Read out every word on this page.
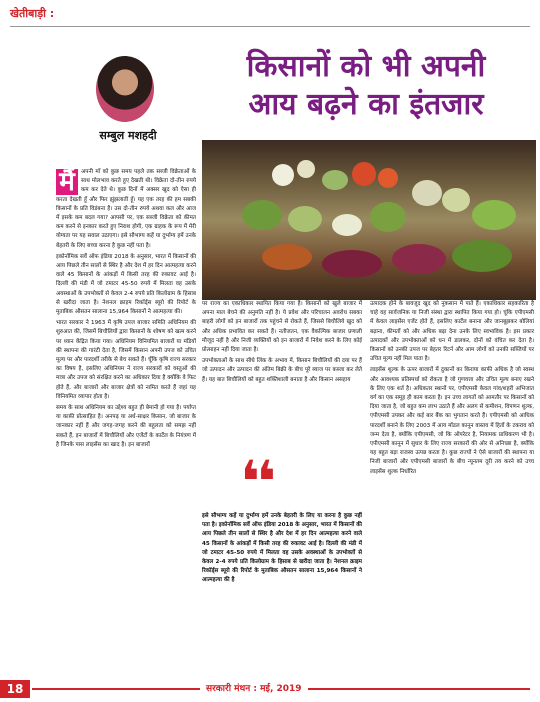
खेतीबाड़ी :
सम्बुल मशहदी
किसानों को भी अपनी
आय बढ़ने का इंतजार
मैं	अपनी माँ को कुछ समय पहले तक सब्जी विक्रेताओं के साथ मोलभाव करते हुए देखती थी। विक्रेता दो-तीन रुपये कम कर देते थे। कुछ दिनों में अक्सर खुद को ऐसा ही करता देखती हूँ और फिर झुंझलाती हूँ। यह एक तरह की हम सबकी किसानों के प्रति विडंबना है। उस दो-तीन रुपये अथवा कल और आज में इसके कम बदल गया? आपसी पर, एक सब्जी विक्रेता को कीमत कम करने से इनकार करते हुए निराश होगी, एक ग्राहक के रूप में मेरी योग्यता पर यह सवाल उठाएगा। इसे सौभाग्य कहें या दुर्भाग्य हमें उनके बेहतरी के लिए बच्चा करना है कुछ नहीं पता है।

इकोनॉमिक सर्वे ऑफ इंडिया 2018 के अनुसार, भारत में किसानों की आय पिछले तीन सालों से स्थिर है और देश में हर दिन आत्महत्या करने वाले 45 किसानों के आंकड़ों में किसी तरह की रुकावट आई है। दिल्ली की मंडी में जो टमाटर 45-50 रुपये में मिलता वह उसके अवस्थाओं के उपभोक्तों से केवल 2-4 रुपये प्रति किलोग्राम के हिसाब से खरीदा जाता है। नेशनल क्राइम रिकॉर्ड्स ब्यूरो की रिपोर्ट के मुताबिक औसतन सालाना 15,964 किसानों ने आत्महत्या की।

भारत सरकार ने 1963 में कृषि उपज बाजार समिति अधिनियम की शुरुआत की, जिसमें बिचौलियों द्वारा किसानों के शोषण को खत्म करने पर ध्यान केंद्रित किया गया। अधिनियम विनियमित बाजारों या मंडियों की स्थापना की गारंटी देता है, जिसमें किसान अपनी उपज को उचित मूल्य पर और पारदर्शी तरीके से बेच सकते हैं। चूँकि कृषि राज्य सरकार का विषय है, इसलिए अधिनियम ने राज्य सरकारों को वस्तुओं की मात्रा और उपज को संरक्षित करने का अधिकार दिया है क्योंकि वे फिट होते हैं, और बाजारों और बाजार क्षेत्रों को नामित करते हैं जहां यह विनियमित व्यापार होता है।

समय के साथ अधिनियम का उद्देश्य बहुत ही बेमानी हो गया है। पर्याप्त या काफ़ी प्रोत्साहित है। अनपढ़ या अर्ध-साक्षर किसान, जो बाजार के जानकार नहीं हैं और जगह-जगह करने की बहुलता को समझ नहीं सकते हैं, इन बाजारों में बिचौलियों और एजेंटों के कार्टेल के नियंत्रण में है जिनके पास लाइसेंस का खाद है। इन बाजारों

पर राज्य का एकाधिकार स्थापित किया गया है। किसानों को खुले बाजार में अपना माल बेचने की अनुमति नहीं है। ये प्रवेश और परिचालन अवरोध सबका बाहरी लोगों को इन बाजारों तक पहुंचने से रोकते हैं, जिससे बिचौलिये खुद को और अधिक प्रभावित कर सकते हैं। नतीजतन, एक वैकल्पिक बाजार प्रणाली मौजूद नहीं है और निजी व्यक्तियों को इन बाजारों में निवेश करने के लिए कोई प्रोत्साहन नहीं दिया जाता है।

उपभोक्ताओं के साथ सीधे लिंक के अभाव में, किसान बिचौलियों की दया पर हैं जो उत्पादन और उत्पादन की अंतिम बिक्री के बीच पूरे ब्याज पर कब्जा कर लेते हैं। यह बात बिचौलियों को बहुत शक्तिशाली बनाता है और किसान असहाय

❛❛

इसे सौभाग्य कहें या दुर्भाग्य हमें उनके बेहतरी के लिए या करना है कुछ नहीं पता है। इकोनॉमिक सर्वे ऑफ इंडिया 2018 के अनुसार, भारत में किसानों की आय पिछले तीन सालों से स्थिर है और देश में हर दिन आत्महत्या करने वाले 45 किसानों के आंकड़ों में किसी तरह की रुकावट आई है। दिल्ली की मंडी में जो टमाटर 45-50 रुपये में मिलता वह उसके अवस्थाओं के उपभोक्तों से केवल 2-4 रुपये प्रति किलोग्राम के हिसाब से खरीदा जाता है। नेशनल क्राइम रिकॉर्ड्स ब्यूरो की रिपोर्ट के मुताबिक औसतन सालाना 15,964 किसानों ने आत्महत्या की है

उत्पादक होने के बावजूद खुद को नुकसान में पाते हैं। एकाधिकार सहकारिता है चाहे वह सार्वजनिक या निजी संस्था द्वारा स्थापित किया गया हो। चूंकि एपीएमसी में केवल लाइसेंस एजेंट होते हैं, इसलिए कार्टेल बनाना और जानबूझकर बोलियां बढ़ाना, कीमतों को और अधिक बढ़ा देना उनके लिए स्वभाविक है। इस प्रकार उत्पादकों और उपभोक्ताओं को धन में डालकर, दोनों को वंचित कर देता है। किसानों को उनकी उपज पर बेहतर रिटर्न और आम लोगों को उनकी सब्जियों पर उचित मूल्य नहीं मिल पाता है।

लाइसेंस शुल्क के ऊपर बाजारों में दुकानों का किराया काफी अधिक है जो स्वस्थ और आवश्यक प्रतिस्पर्धा को रोकता है जो गुणवत्ता और उचित मूल्य बनाए रखने के लिए एक शर्त है। अधिकतर स्थानों पर, एपीएमसी केवल गांव/शहरी अभिजात वर्ग का एक समूह ही काम करता है। इन उच्च लागतों को आमतौर पर किसानों को दिया जाता है, जो बहुत कम लाभ उठाते हैं और अलग से कमीशन, विपणन शुल्क, एपीएमसी उपकर और कई बार बैंक का भुगतान करते हैं। एपीएमसी को आधिक पारदर्शी बनाने के लिए 2003 में आय मॉडल कानून वास्तव में हितों के टकराव को जन्म देता है, क्योंकि एपीएमसी, जो कि ऑपरेटर है, नियामक प्राधिकरण भी है। एपीएमसी कानून में सुधार के लिए राज्य सरकारों की ओर से अनिच्छा है, क्योंकि यह बहुत बड़ा राजस्व उत्पन्न करता है। कुछ राज्यों ने ऐसे बाजारों की स्थापना या निजी बाजारों और एपीएमसी बाजारों के बीच न्यूनतम दूरी तय करने को उच्च लाइसेंस शुल्क निर्धारित

18	सरकारी मंथन : मई, 2019
